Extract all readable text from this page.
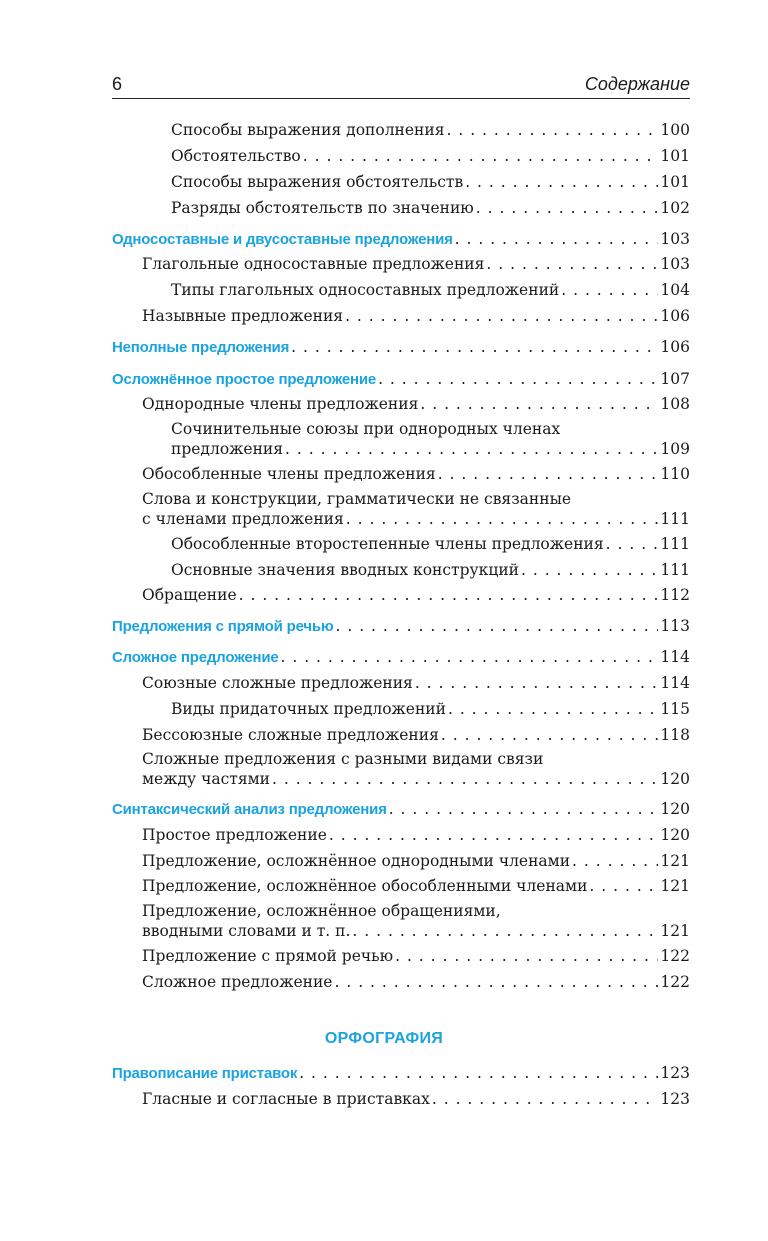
6	Содержание
Способы выражения дополнения . . .	100
Обстоятельство . . .	101
Способы выражения обстоятельств . . .	101
Разряды обстоятельств по значению . . .	102
Односоставные и двусоставные предложения . . .	103
Глагольные односоставные предложения . . .	103
Типы глагольных односоставных предложений . . .	104
Назывные предложения . . .	106
Неполные предложения . . .	106
Осложнённое простое предложение . . .	107
Однородные члены предложения . . .	108
Сочинительные союзы при однородных членах
предложения . . .	109
Обособленные члены предложения . . .	110
Слова и конструкции, грамматически не связанные
с членами предложения . . .	111
Обособленные второстепенные члены предложения . . .	111
Основные значения вводных конструкций . . .	111
Обращение . . .	112
Предложения с прямой речью . . .	113
Сложное предложение . . .	114
Союзные сложные предложения . . .	114
Виды придаточных предложений . . .	115
Бессоюзные сложные предложения . . .	118
Сложные предложения с разными видами связи
между частями . . .	120
Синтаксический анализ предложения . . .	120
Простое предложение . . .	120
Предложение, осложнённое однородными членами . . .	121
Предложение, осложнённое обособленными членами . . .	121
Предложение, осложнённое обращениями,
вводными словами и т. п. . . .	121
Предложение с прямой речью . . .	122
Сложное предложение . . .	122
Правописание приставок . . .	123
Гласные и согласные в приставках . . .	123
ОРФОГРАФИЯ
